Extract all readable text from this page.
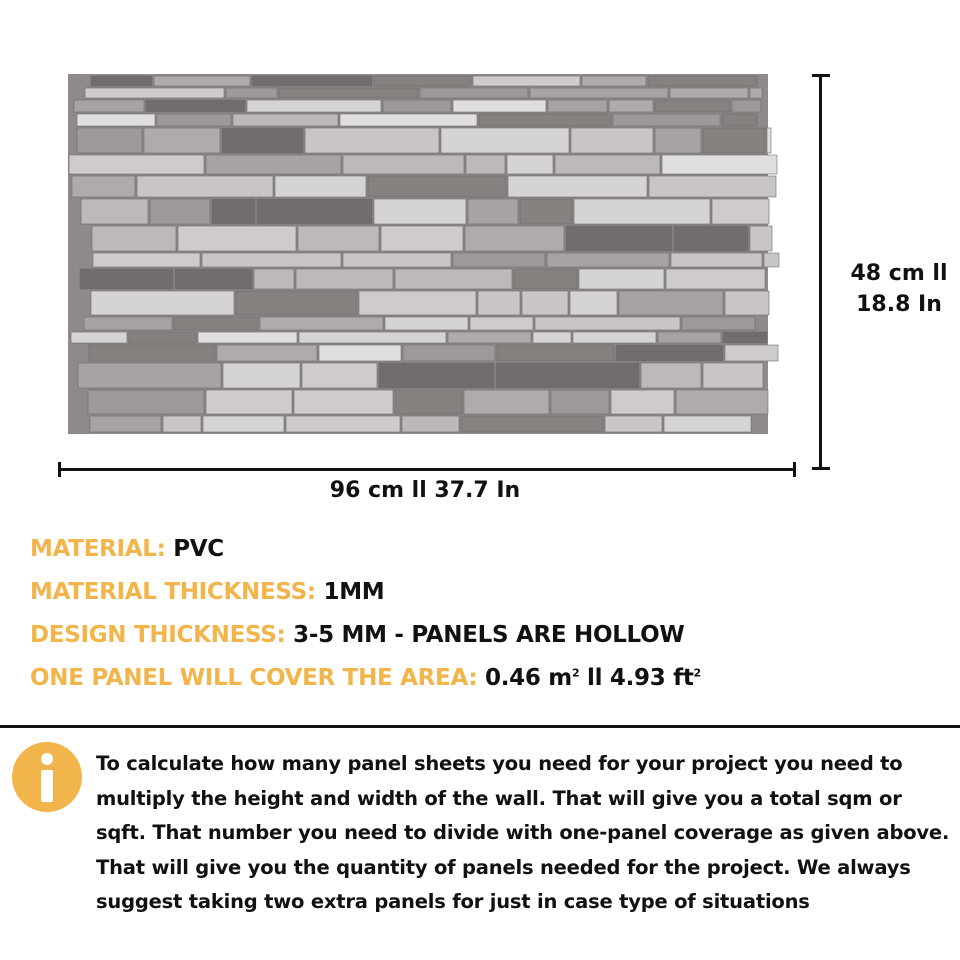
96 cm ll 37.7 In
48 cm ll
18.8 In
MATERIAL: PVC
MATERIAL THICKNESS: 1MM
DESIGN THICKNESS: 3-5 MM - PANELS ARE HOLLOW
ONE PANEL WILL COVER THE AREA: 0.46 $m^2$ ll 4.93 $ft^2$
To calculate how many panel sheets you need for your project you need to multiply the height and width of the wall. That will give you a total sqm or sqft. That number you need to divide with one-panel coverage as given above. That will give you the quantity of panels needed for the project. We always suggest taking two extra panels for just in case type of situations
